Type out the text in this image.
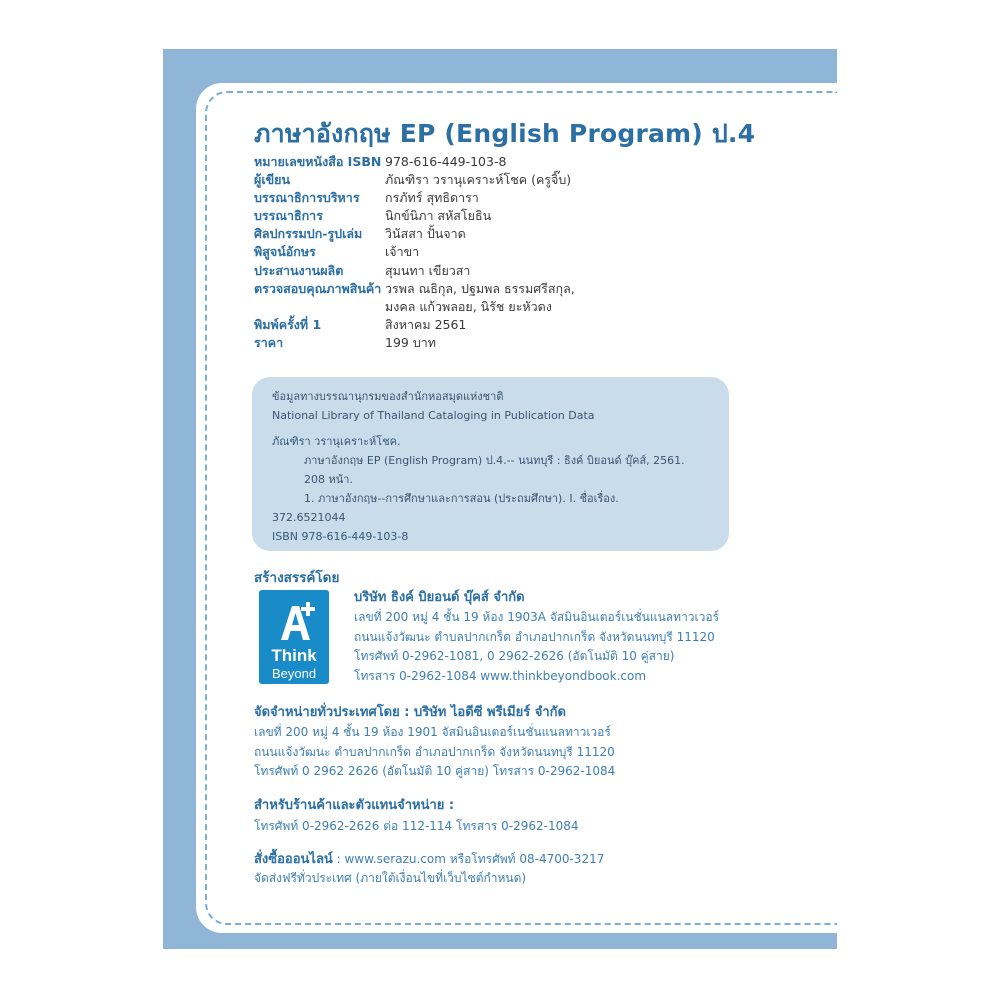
ภาษาอังกฤษ EP (English Program) ป.4
หมายเลขหนังสือ ISBN 978-616-449-103-8
ผู้เขียน	ภัณฑิรา วรานุเคราะห์โชค (ครูจิ๊บ)
บรรณาธิการบริหาร	กรภัทร์ สุทธิดารา
บรรณาธิการ	นิกข์นิภา สหัสโยธิน
ศิลปกรรมปก-รูปเล่ม	วินัสสา ปั้นจาด
พิสูจน์อักษร	เจ้าขา
ประสานงานผลิต	สุมนทา เขียวสา
ตรวจสอบคุณภาพสินค้า วรพล ณธิกุล, ปฐมพล ธรรมศรีสกุล,
มงคล แก้วพลอย, นิรัช ยะหัวดง
พิมพ์ครั้งที่ 1	สิงหาคม 2561
ราคา	199 บาท
ข้อมูลทางบรรณานุกรมของสำนักหอสมุดแห่งชาติ
National Library of Thailand Cataloging in Publication Data
ภัณฑิรา วรานุเคราะห์โชค.
ภาษาอังกฤษ EP (English Program) ป.4.-- นนทบุรี : ธิงค์ บิยอนด์ บุ๊คส์, 2561.
208 หน้า.
1. ภาษาอังกฤษ--การศึกษาและการสอน (ประถมศึกษา). I. ชื่อเรื่อง.
372.6521044
ISBN 978-616-449-103-8
สร้างสรรค์โดย
Think
Beyond
บริษัท ธิงค์ บิยอนด์ บุ๊คส์ จำกัด
เลขที่ 200 หมู่ 4 ชั้น 19 ห้อง 1903A จัสมินอินเตอร์เนชั่นแนลทาวเวอร์
ถนนแจ้งวัฒนะ ตำบลปากเกร็ด อำเภอปากเกร็ด จังหวัดนนทบุรี 11120
โทรศัพท์ 0-2962-1081, 0 2962-2626 (อัตโนมัติ 10 คู่สาย)
โทรสาร 0-2962-1084 www.thinkbeyondbook.com
จัดจำหน่ายทั่วประเทศโดย : บริษัท ไอดีซี พรีเมียร์ จำกัด
เลขที่ 200 หมู่ 4 ชั้น 19 ห้อง 1901 จัสมินอินเตอร์เนชั่นแนลทาวเวอร์
ถนนแจ้งวัฒนะ ตำบลปากเกร็ด อำเภอปากเกร็ด จังหวัดนนทบุรี 11120
โทรศัพท์ 0 2962 2626 (อัตโนมัติ 10 คู่สาย) โทรสาร 0-2962-1084
สำหรับร้านค้าและตัวแทนจำหน่าย :
โทรศัพท์ 0-2962-2626 ต่อ 112-114 โทรสาร 0-2962-1084
สั่งซื้อออนไลน์ : www.serazu.com หรือโทรศัพท์ 08-4700-3217
จัดส่งฟรีทั่วประเทศ (ภายใต้เงื่อนไขที่เว็บไซต์กำหนด)
